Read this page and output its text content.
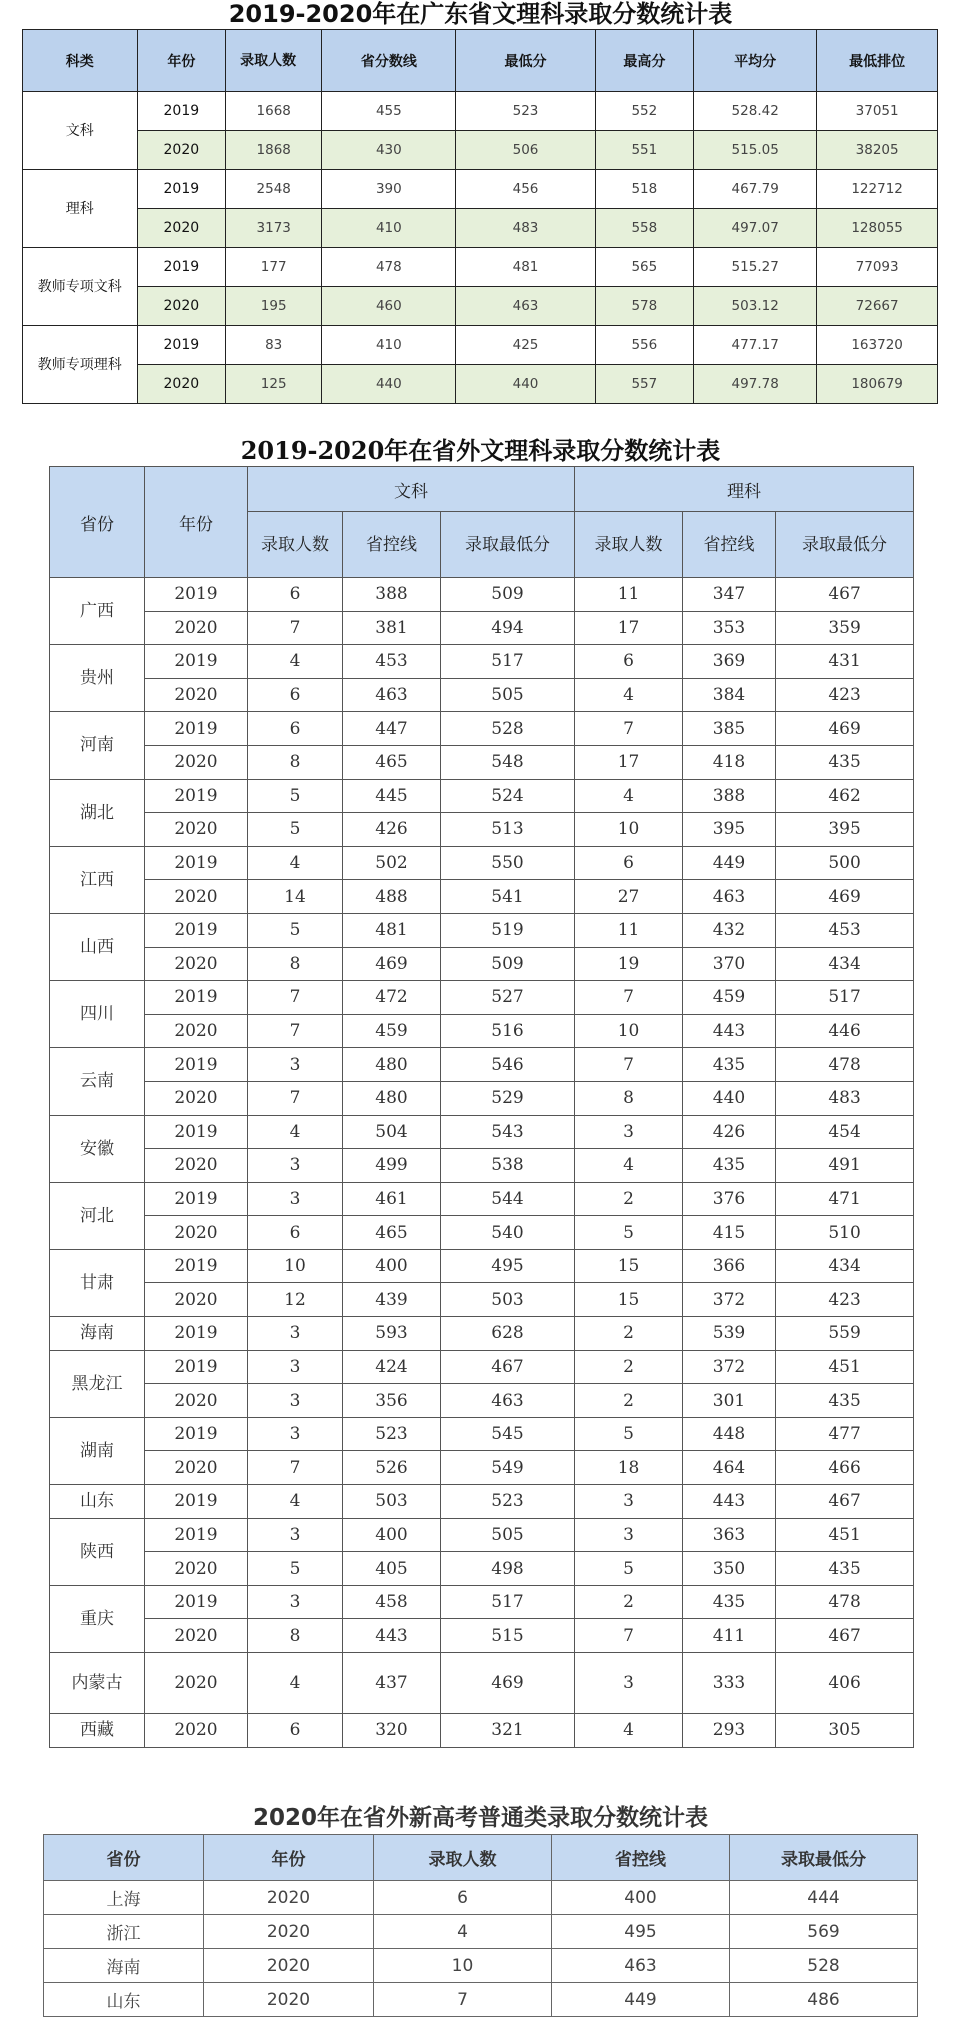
2019-2020年在广东省文理科录取分数统计表
科类	年份	录取人数	省分数线	最低分	最高分	平均分	最低排位
文科	2019	1668	455	523	552	528.42	37051
	2020	1868	430	506	551	515.05	38205
理科	2019	2548	390	456	518	467.79	122712
	2020	3173	410	483	558	497.07	128055
教师专项文科	2019	177	478	481	565	515.27	77093
	2020	195	460	463	578	503.12	72667
教师专项理科	2019	83	410	425	556	477.17	163720
	2020	125	440	440	557	497.78	180679
2019-2020年在省外文理科录取分数统计表
省份	年份	文科			理科		
		录取人数	省控线	录取最低分	录取人数	省控线	录取最低分
广西	2019	6	388	509	11	347	467
	2020	7	381	494	17	353	359
贵州	2019	4	453	517	6	369	431
	2020	6	463	505	4	384	423
河南	2019	6	447	528	7	385	469
	2020	8	465	548	17	418	435
湖北	2019	5	445	524	4	388	462
	2020	5	426	513	10	395	395
江西	2019	4	502	550	6	449	500
	2020	14	488	541	27	463	469
山西	2019	5	481	519	11	432	453
	2020	8	469	509	19	370	434
四川	2019	7	472	527	7	459	517
	2020	7	459	516	10	443	446
云南	2019	3	480	546	7	435	478
	2020	7	480	529	8	440	483
安徽	2019	4	504	543	3	426	454
	2020	3	499	538	4	435	491
河北	2019	3	461	544	2	376	471
	2020	6	465	540	5	415	510
甘肃	2019	10	400	495	15	366	434
	2020	12	439	503	15	372	423
海南	2019	3	593	628	2	539	559
黑龙江	2019	3	424	467	2	372	451
	2020	3	356	463	2	301	435
湖南	2019	3	523	545	5	448	477
	2020	7	526	549	18	464	466
山东	2019	4	503	523	3	443	467
陕西	2019	3	400	505	3	363	451
	2020	5	405	498	5	350	435
重庆	2019	3	458	517	2	435	478
	2020	8	443	515	7	411	467
内蒙古	2020	4	437	469	3	333	406
西藏	2020	6	320	321	4	293	305
2020年在省外新高考普通类录取分数统计表
省份	年份	录取人数	省控线	录取最低分
上海	2020	6	400	444
浙江	2020	4	495	569
海南	2020	10	463	528
山东	2020	7	449	486
